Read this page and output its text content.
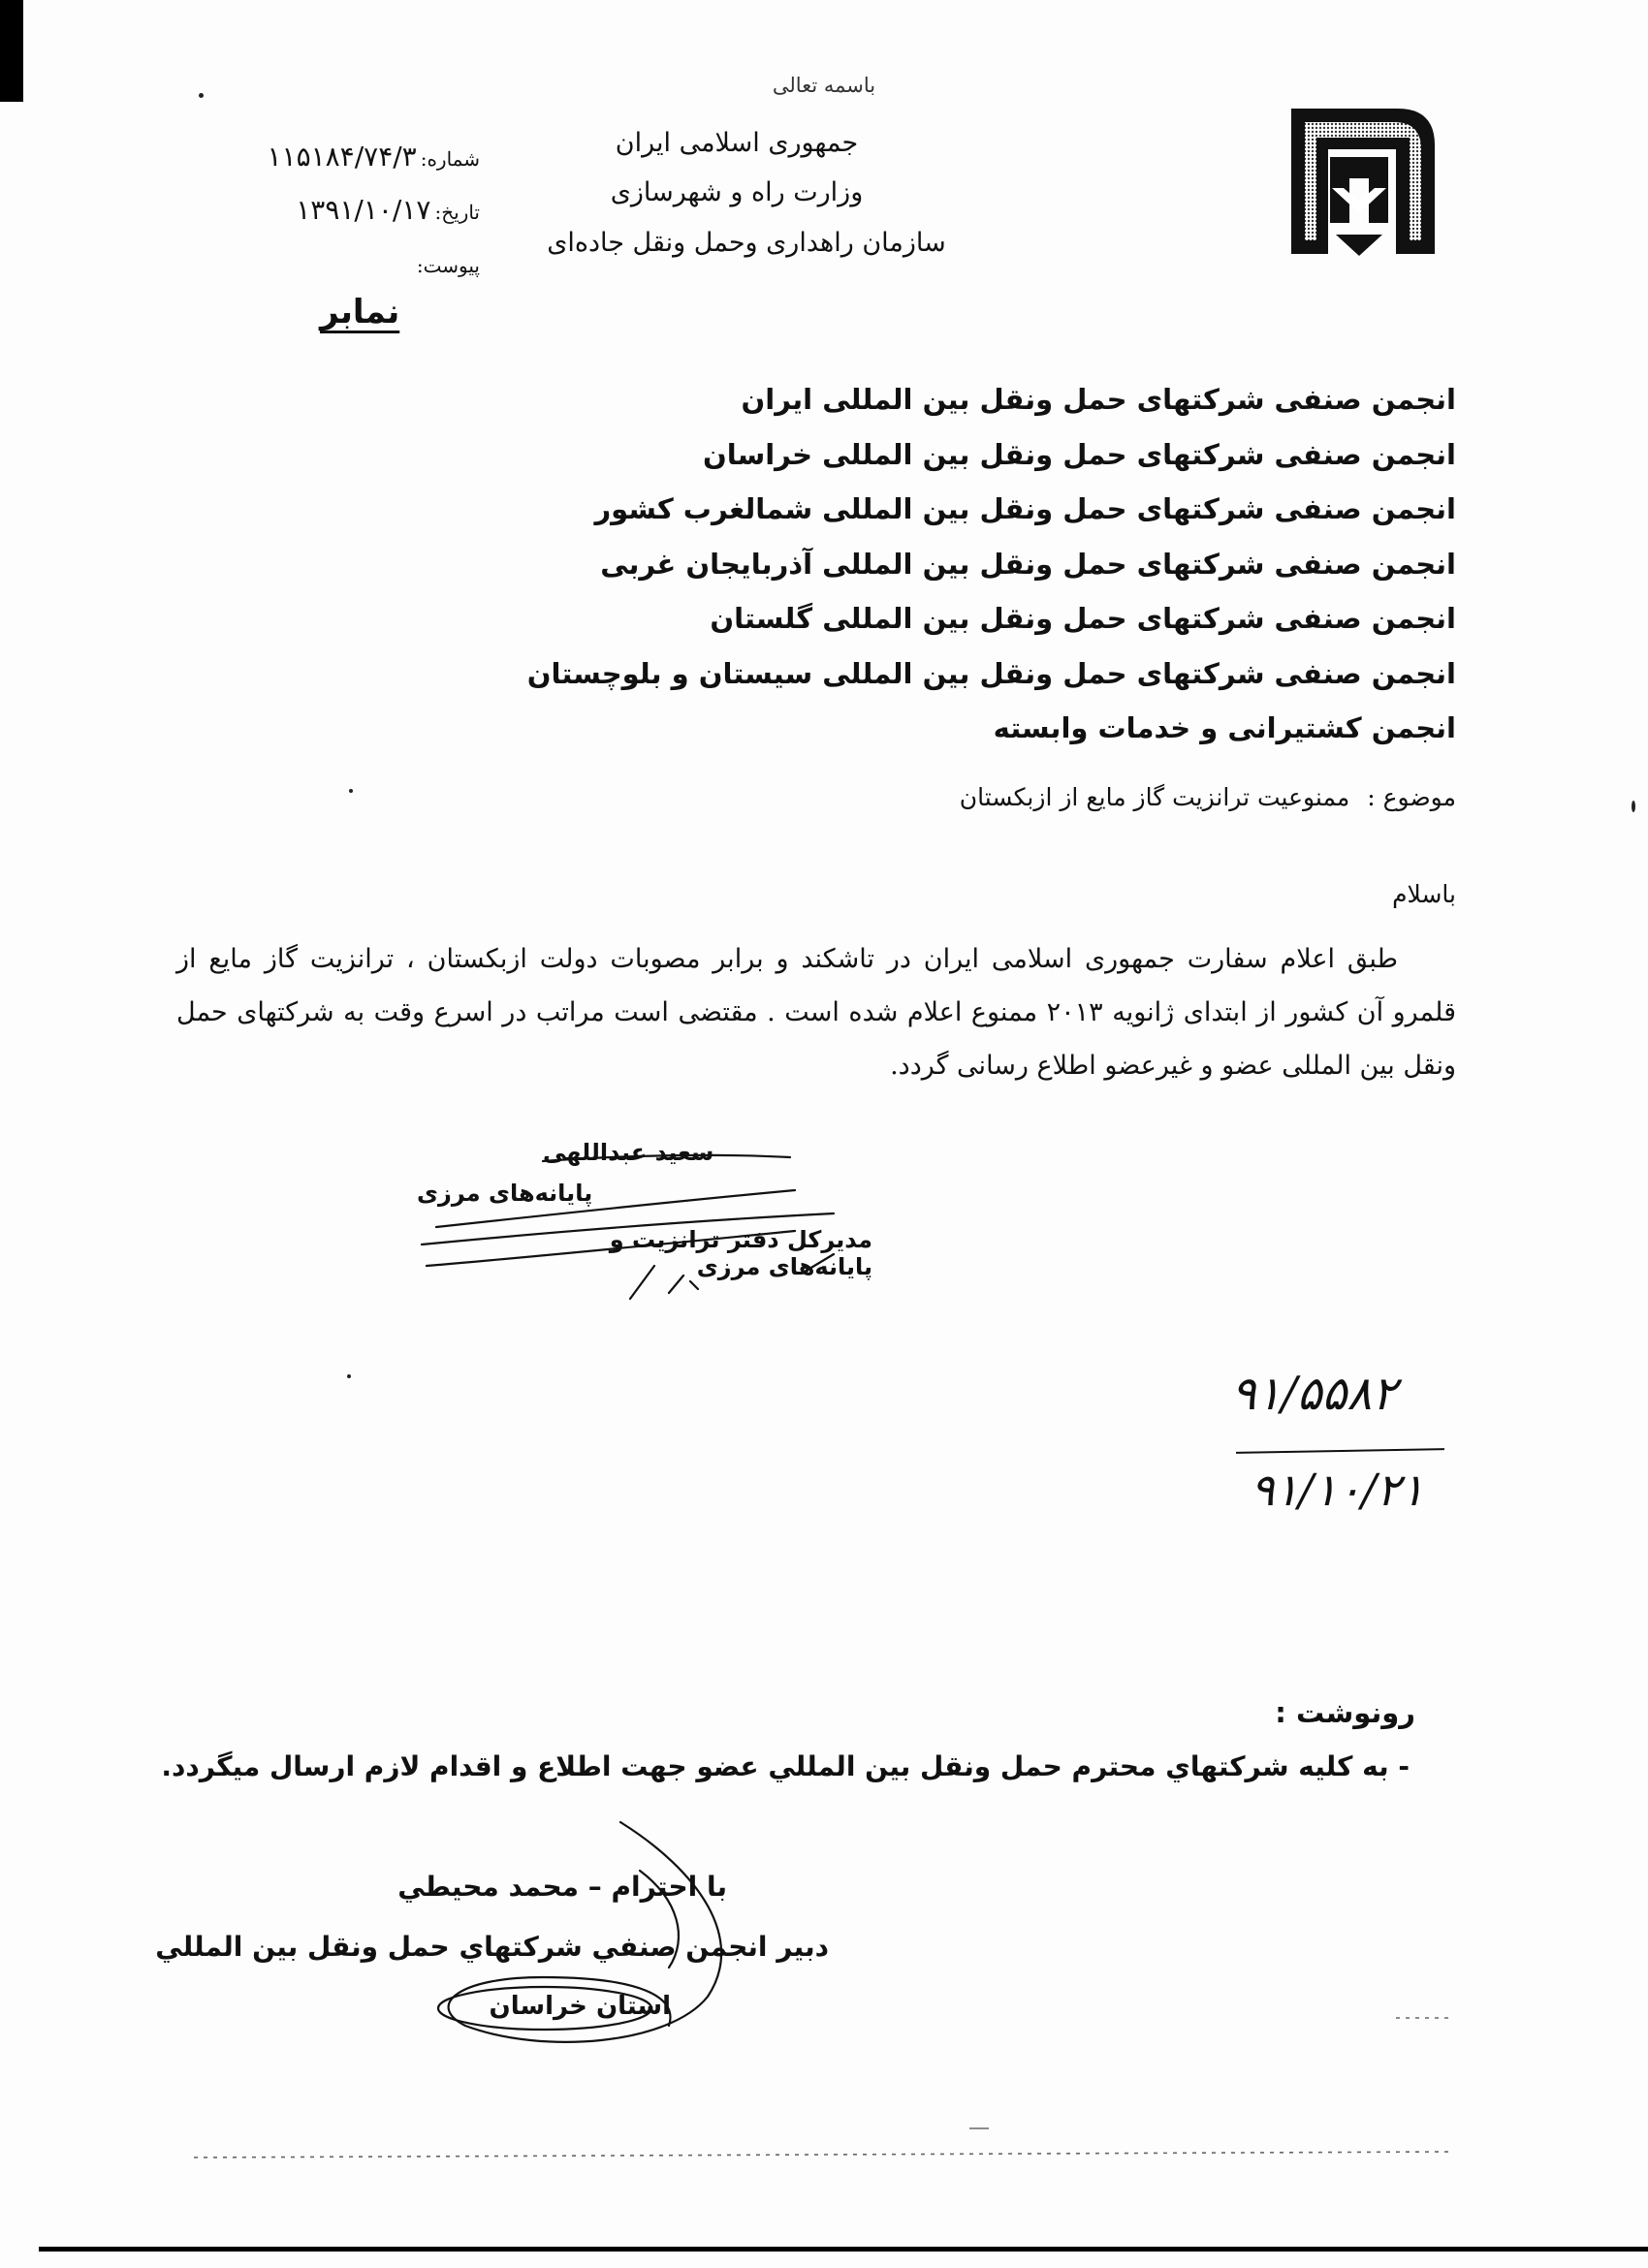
باسمه تعالی
جمهوری اسلامی ایران
وزارت راه و شهرسازی
سازمان راهداری وحمل ونقل جاده‌ای
شماره:۱۱۵۱۸۴/۷۴/۳
تاریخ:۱۳۹۱/۱۰/۱۷
پیوست:
نمابر
انجمن صنفی شرکتهای حمل ونقل بین المللی ایران
انجمن صنفی شرکتهای حمل ونقل بین المللی خراسان
انجمن صنفی شرکتهای حمل ونقل بین المللی شمالغرب کشور
انجمن صنفی شرکتهای حمل ونقل بین المللی آذربایجان غربی
انجمن صنفی شرکتهای حمل ونقل بین المللی گلستان
انجمن صنفی شرکتهای حمل ونقل بین المللی سیستان و بلوچستان
انجمن کشتیرانی و خدمات وابسته
موضوع : ممنوعیت ترانزیت گاز مایع از ازبکستان
باسلام
طبق اعلام سفارت جمهوری اسلامی ایران در تاشکند و برابر مصوبات دولت ازبکستان ، ترانزیت گاز مایع از قلمرو آن کشور از ابتدای ژانویه ۲۰۱۳ ممنوع اعلام شده است . مقتضی است مراتب در اسرع وقت به شرکتهای حمل ونقل بین المللی عضو و غیرعضو اطلاع رسانی گردد.
سعید عبداللهی
پایانه‌های مرزی
مدیرکل دفتر ترانزیت و پایانه‌های مرزی
۹۱/۵۵۸۲
۹۱/۱۰/۲۱
رونوشت :
- به کلیه شرکتهاي محترم حمل ونقل بين المللي عضو جهت اطلاع و اقدام لازم ارسال ميگردد.
با احترام – محمد محيطي
دبير انجمن صنفي شركتهاي حمل ونقل بين المللي
استان خراسان
